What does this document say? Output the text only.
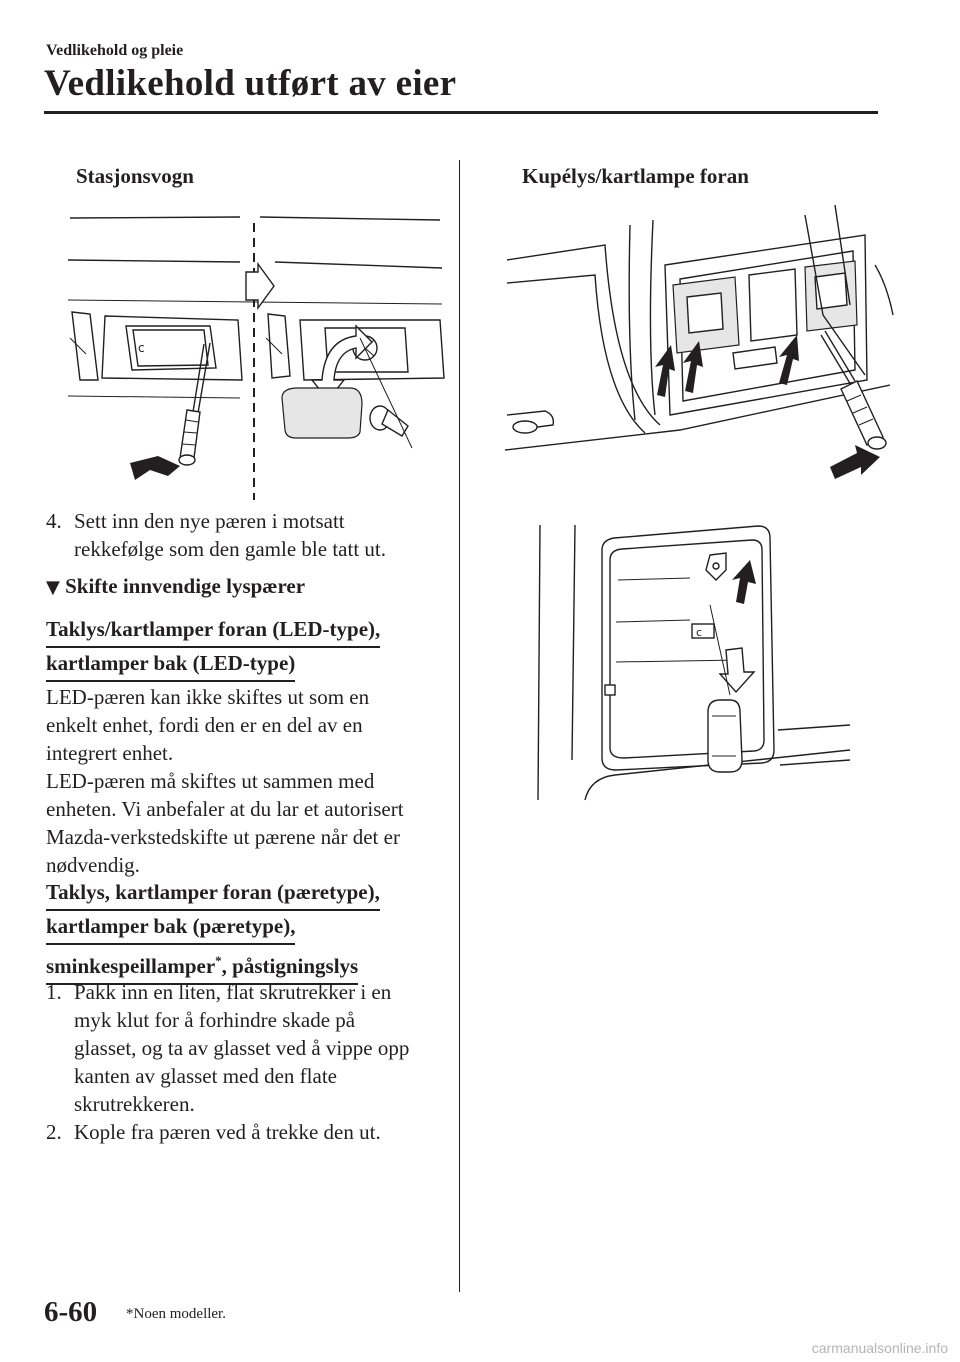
Vedlikehold og pleie
Vedlikehold utført av eier
Stasjonsvogn
c
4. Sett inn den nye pæren i motsatt rekkefølge som den gamle ble tatt ut.
▼ Skifte innvendige lyspærer
Taklys/kartlamper foran (LED-type),
kartlamper bak (LED-type)
LED-pæren kan ikke skiftes ut som en enkelt enhet, fordi den er en del av en integrert enhet.
LED-pæren må skiftes ut sammen med enheten. Vi anbefaler at du lar et autorisert Mazda-verkstedskifte ut pærene når det er nødvendig.
Taklys, kartlamper foran (pæretype),
kartlamper bak (pæretype),
sminkespeillamper*, påstigningslys
1. Pakk inn en liten, flat skrutrekker i en myk klut for å forhindre skade på glasset, og ta av glasset ved å vippe opp kanten av glasset med den flate skrutrekkeren.
2. Kople fra pæren ved å trekke den ut.
Kupélys/kartlampe foran
c
6-60 *Noen modeller.
carmanualsonline.info
